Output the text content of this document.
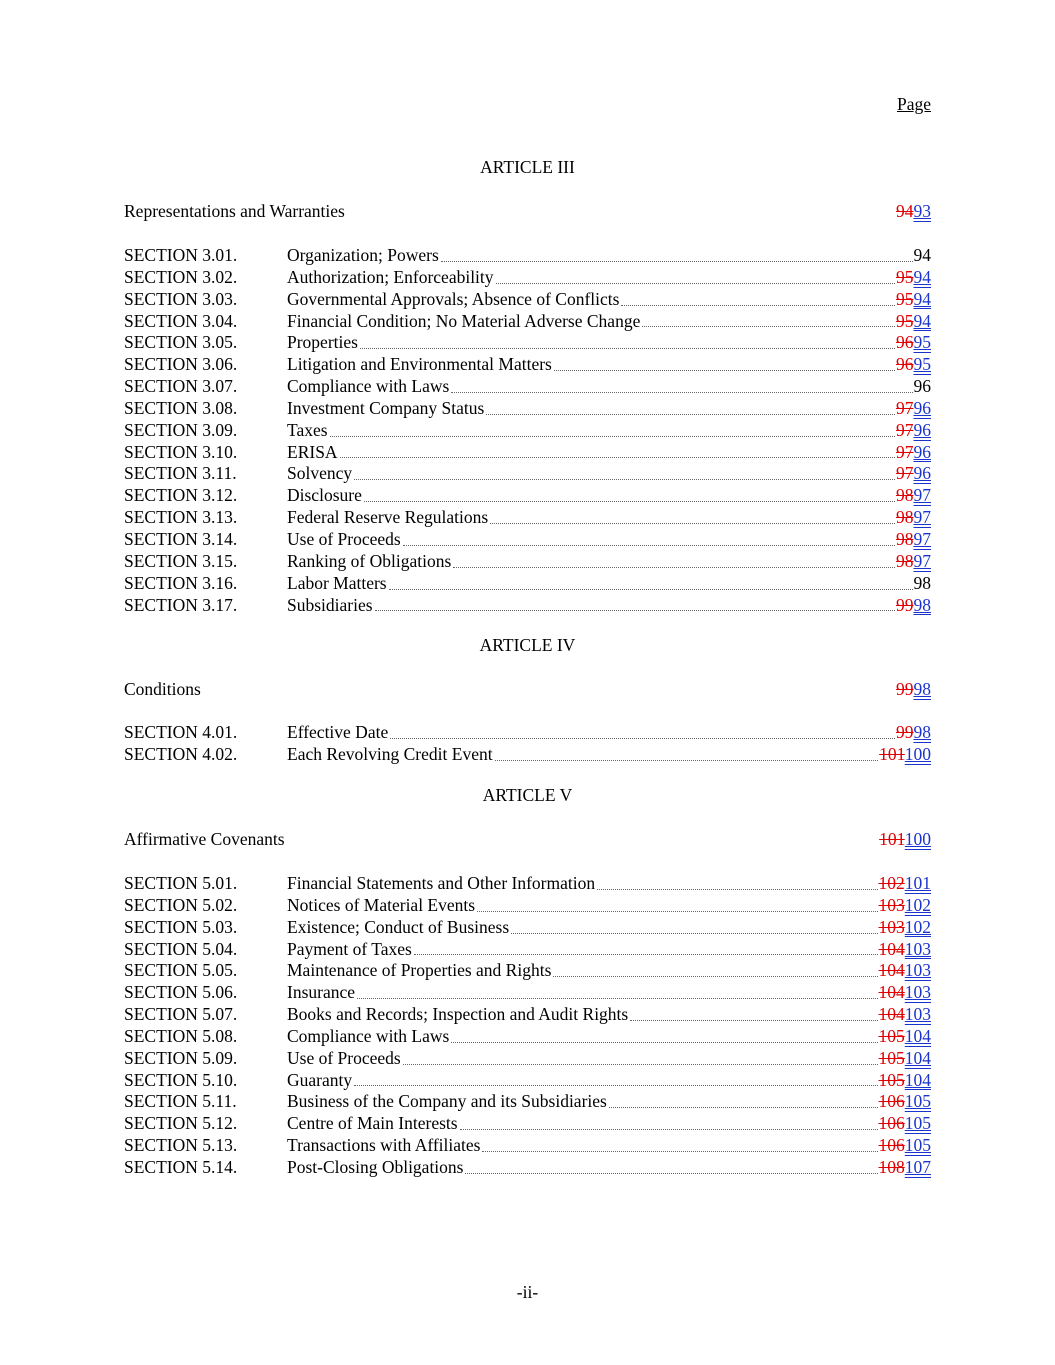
Page
ARTICLE III
Representations and Warranties	9493
SECTION 3.01.	Organization; Powers	94
SECTION 3.02.	Authorization; Enforceability	9594
SECTION 3.03.	Governmental Approvals; Absence of Conflicts	9594
SECTION 3.04.	Financial Condition; No Material Adverse Change	9594
SECTION 3.05.	Properties	9695
SECTION 3.06.	Litigation and Environmental Matters	9695
SECTION 3.07.	Compliance with Laws	96
SECTION 3.08.	Investment Company Status	9796
SECTION 3.09.	Taxes	9796
SECTION 3.10.	ERISA	9796
SECTION 3.11.	Solvency	9796
SECTION 3.12.	Disclosure	9897
SECTION 3.13.	Federal Reserve Regulations	9897
SECTION 3.14.	Use of Proceeds	9897
SECTION 3.15.	Ranking of Obligations	9897
SECTION 3.16.	Labor Matters	98
SECTION 3.17.	Subsidiaries	9998
ARTICLE IV
Conditions	9998
SECTION 4.01.	Effective Date	9998
SECTION 4.02.	Each Revolving Credit Event	101100
ARTICLE V
Affirmative Covenants	101100
SECTION 5.01.	Financial Statements and Other Information	102101
SECTION 5.02.	Notices of Material Events	103102
SECTION 5.03.	Existence; Conduct of Business	103102
SECTION 5.04.	Payment of Taxes	104103
SECTION 5.05.	Maintenance of Properties and Rights	104103
SECTION 5.06.	Insurance	104103
SECTION 5.07.	Books and Records; Inspection and Audit Rights	104103
SECTION 5.08.	Compliance with Laws	105104
SECTION 5.09.	Use of Proceeds	105104
SECTION 5.10.	Guaranty	105104
SECTION 5.11.	Business of the Company and its Subsidiaries	106105
SECTION 5.12.	Centre of Main Interests	106105
SECTION 5.13.	Transactions with Affiliates	106105
SECTION 5.14.	Post-Closing Obligations	108107
-ii-
